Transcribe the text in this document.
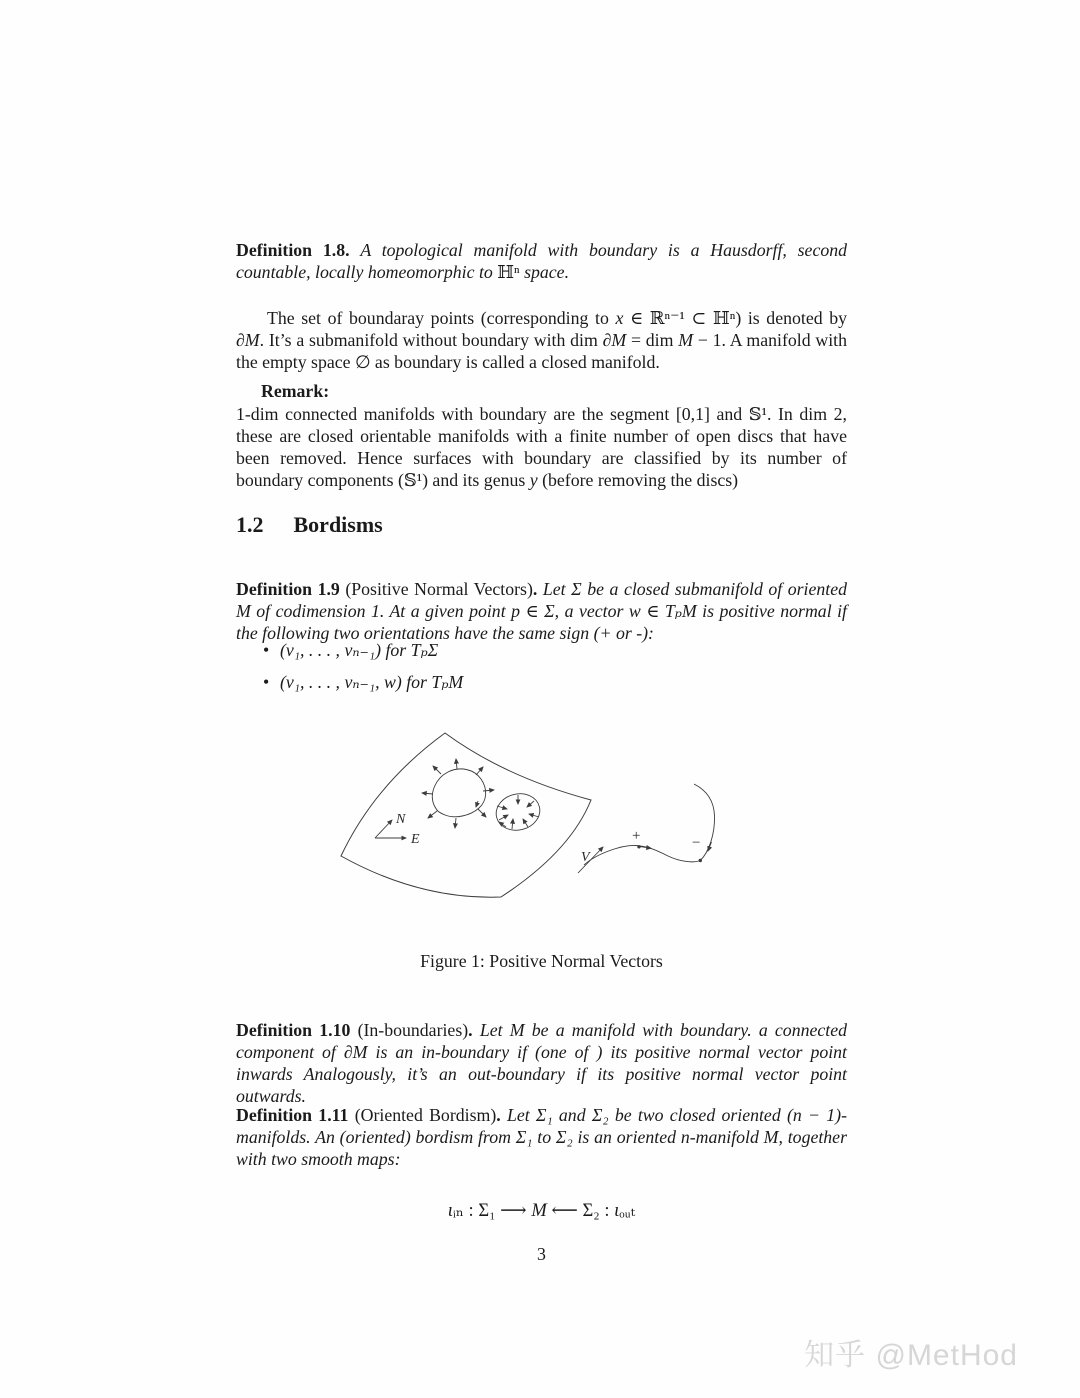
Definition 1.8. A topological manifold with boundary is a Hausdorff, second countable, locally homeomorphic to ℍⁿ space.

The set of boundaray points (corresponding to x ∈ ℝⁿ⁻¹ ⊂ ℍⁿ) is denoted by ∂M. It’s a submanifold without boundary with dim ∂M = dim M − 1. A manifold with the empty space ∅ as boundary is called a closed manifold.

Remark:

1-dim connected manifolds with boundary are the segment [0,1] and 𝕊¹. In dim 2, these are closed orientable manifolds with a finite number of open discs that have been removed. Hence surfaces with boundary are classified by its number of boundary components (𝕊¹) and its genus y (before removing the discs)

1.2 Bordisms

Definition 1.9 (Positive Normal Vectors). Let Σ be a closed submanifold of oriented M of codimension 1. At a given point p ∈ Σ, a vector w ∈ TₚM is positive normal if the following two orientations have the same sign (+ or -):

• (v₁, . . . , vₙ₋₁) for TₚΣ

• (v₁, . . . , vₙ₋₁, w) for TₚM

N
E
V
+	−

Figure 1: Positive Normal Vectors

Definition 1.10 (In-boundaries). Let M be a manifold with boundary. a connected component of ∂̇M is an in-boundary if (one of ) its positive normal vector point inwards Analogously, it’s an out-boundary if its positive normal vector point outwards.

Definition 1.11 (Oriented Bordism). Let Σ₁ and Σ₂ be two closed oriented (n − 1)-manifolds. An (oriented) bordism from Σ₁ to Σ₂ is an oriented n-manifold M, together with two smooth maps:

ιᵢₙ : Σ₁ ⟶ M ⟵ Σ₂ : ιₒᵤₜ

3

知乎 @MetHod
